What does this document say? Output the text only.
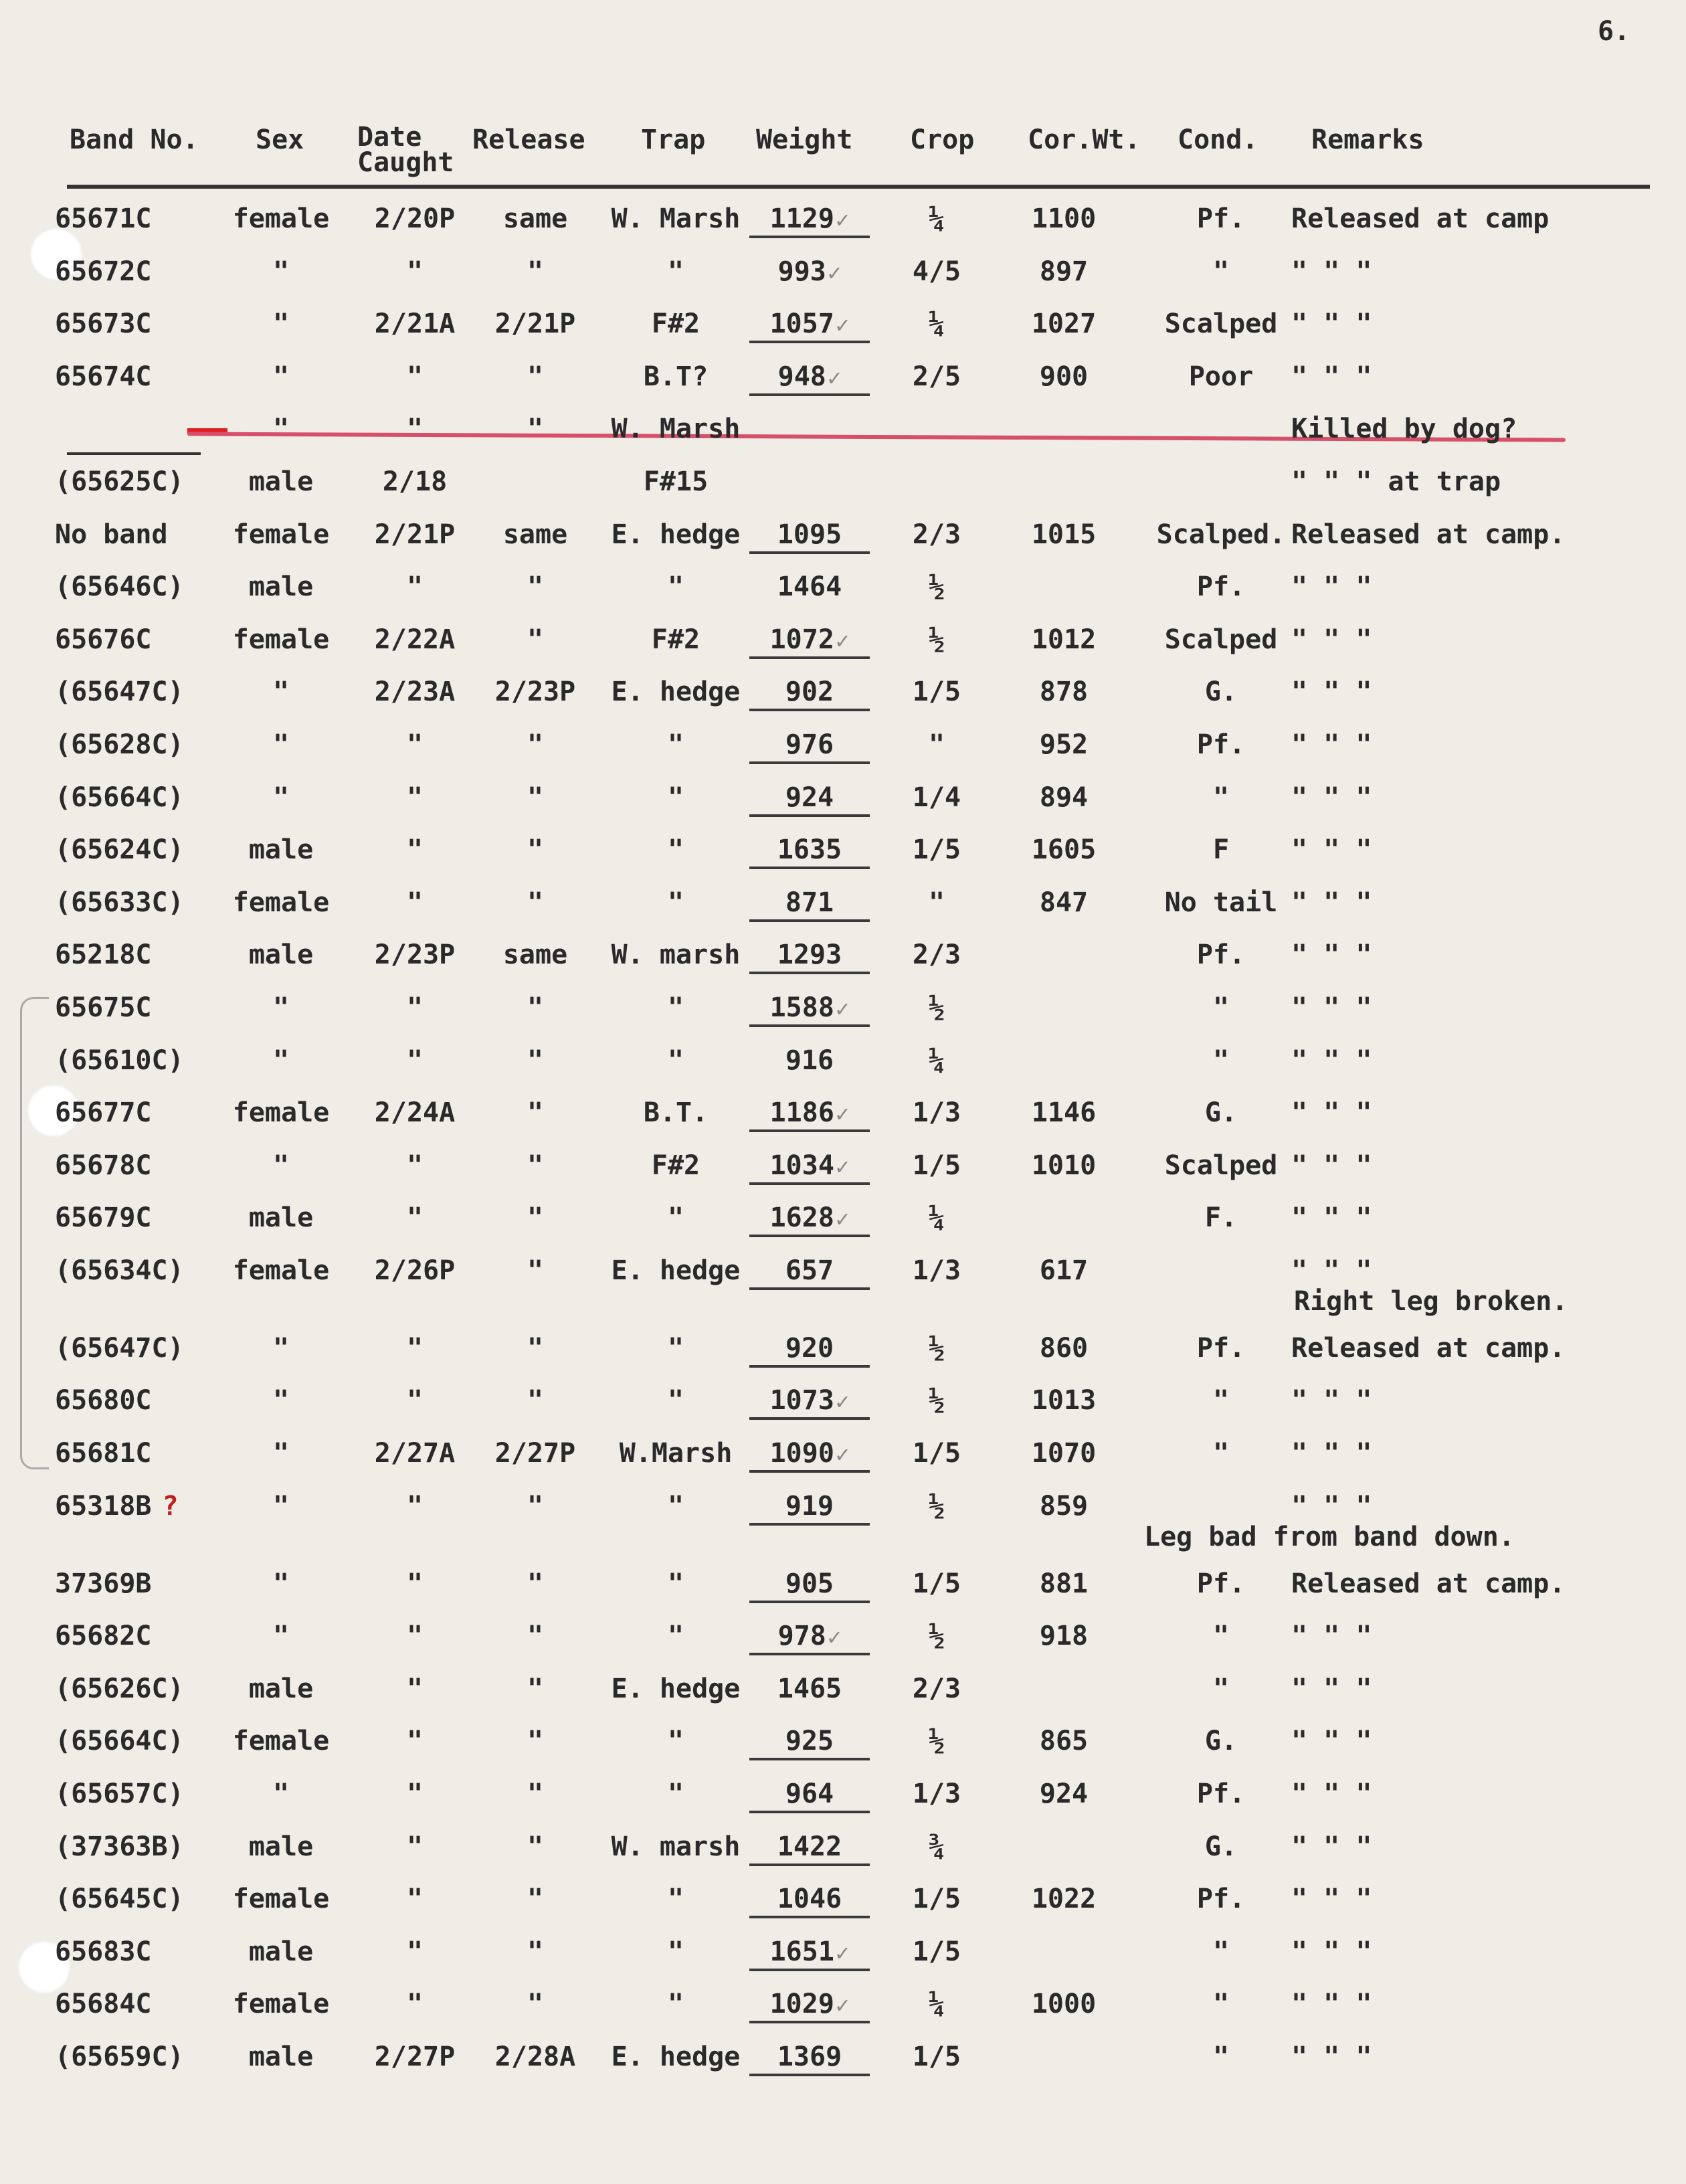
6.
Band No. Sex Date
Caught
Release Trap Weight Crop Cor.Wt. Cond. Remarks
65671C	female	2/20P	same	W. Marsh	1129✓	¼	1100	Pf.	Released at camp
65672C	"	"	"	"	993✓	4/5	897	"	" " "
65673C	"	2/21A	2/21P	F#2	1057✓	¼	1027	Scalped " " "
65674C	"	"	"	B.T?	948✓	2/5	900	Poor	" " "
"	"	"	W. Marsh	Killed by dog?
(65625C)	male	2/18	F#15	" " " at trap
No band	female	2/21P	same	E. hedge	1095	2/3	1015	Scalped. Released at camp.
(65646C)	male	"	"	"	1464	½	Pf.	" " "
65676C	female	2/22A	"	F#2	1072✓	½	1012	Scalped " " "
(65647C)	"	2/23A	2/23P	E. hedge	902	1/5	878	G.	" " "
(65628C)	"	"	"	"	976	"	952	Pf.	" " "
(65664C)	"	"	"	"	924	1/4	894	"	" " "
(65624C)	male	"	"	"	1635	1/5	1605	F	" " "
(65633C)	female	"	"	"	871	"	847	No tail " " "
65218C	male	2/23P	same	W. marsh	1293	2/3	Pf.	" " "
65675C	"	"	"	"	1588✓	½	"	" " "
(65610C)	"	"	"	"	916	¼	"	" " "
65677C	female	2/24A	"	B.T.	1186✓	1/3	1146	G.	" " "
65678C	"	"	"	F#2	1034✓	1/5	1010	Scalped " " "
65679C	male	"	"	"	1628✓	¼	F.	" " "
(65634C)	female	2/26P	"	E. hedge	657	1/3	617	" " "
Right leg broken.
(65647C)	"	"	"	"	920	½	860	Pf.	Released at camp.
65680C	"	"	"	"	1073✓	½	1013	"	" " "
65681C	"	2/27A	2/27P	W.Marsh	1090✓	1/5	1070	"	" " "
65318B ?	"	"	"	"	919	½	859	" " "
Leg bad from band down.
37369B	"	"	"	"	905	1/5	881	Pf.	Released at camp.
65682C	"	"	"	"	978✓	½	918	"	" " "
(65626C)	male	"	"	E. hedge	1465	2/3	"	" " "
(65664C)	female	"	"	"	925	½	865	G.	" " "
(65657C)	"	"	"	"	964	1/3	924	Pf.	" " "
(37363B)	male	"	"	W. marsh	1422	¾	G.	" " "
(65645C)	female	"	"	"	1046	1/5	1022	Pf.	" " "
65683C	male	"	"	"	1651✓	1/5	"	" " "
65684C	female	"	"	"	1029✓	¼	1000	"	" " "
(65659C)	male	2/27P	2/28A	E. hedge	1369	1/5	"	" " "
